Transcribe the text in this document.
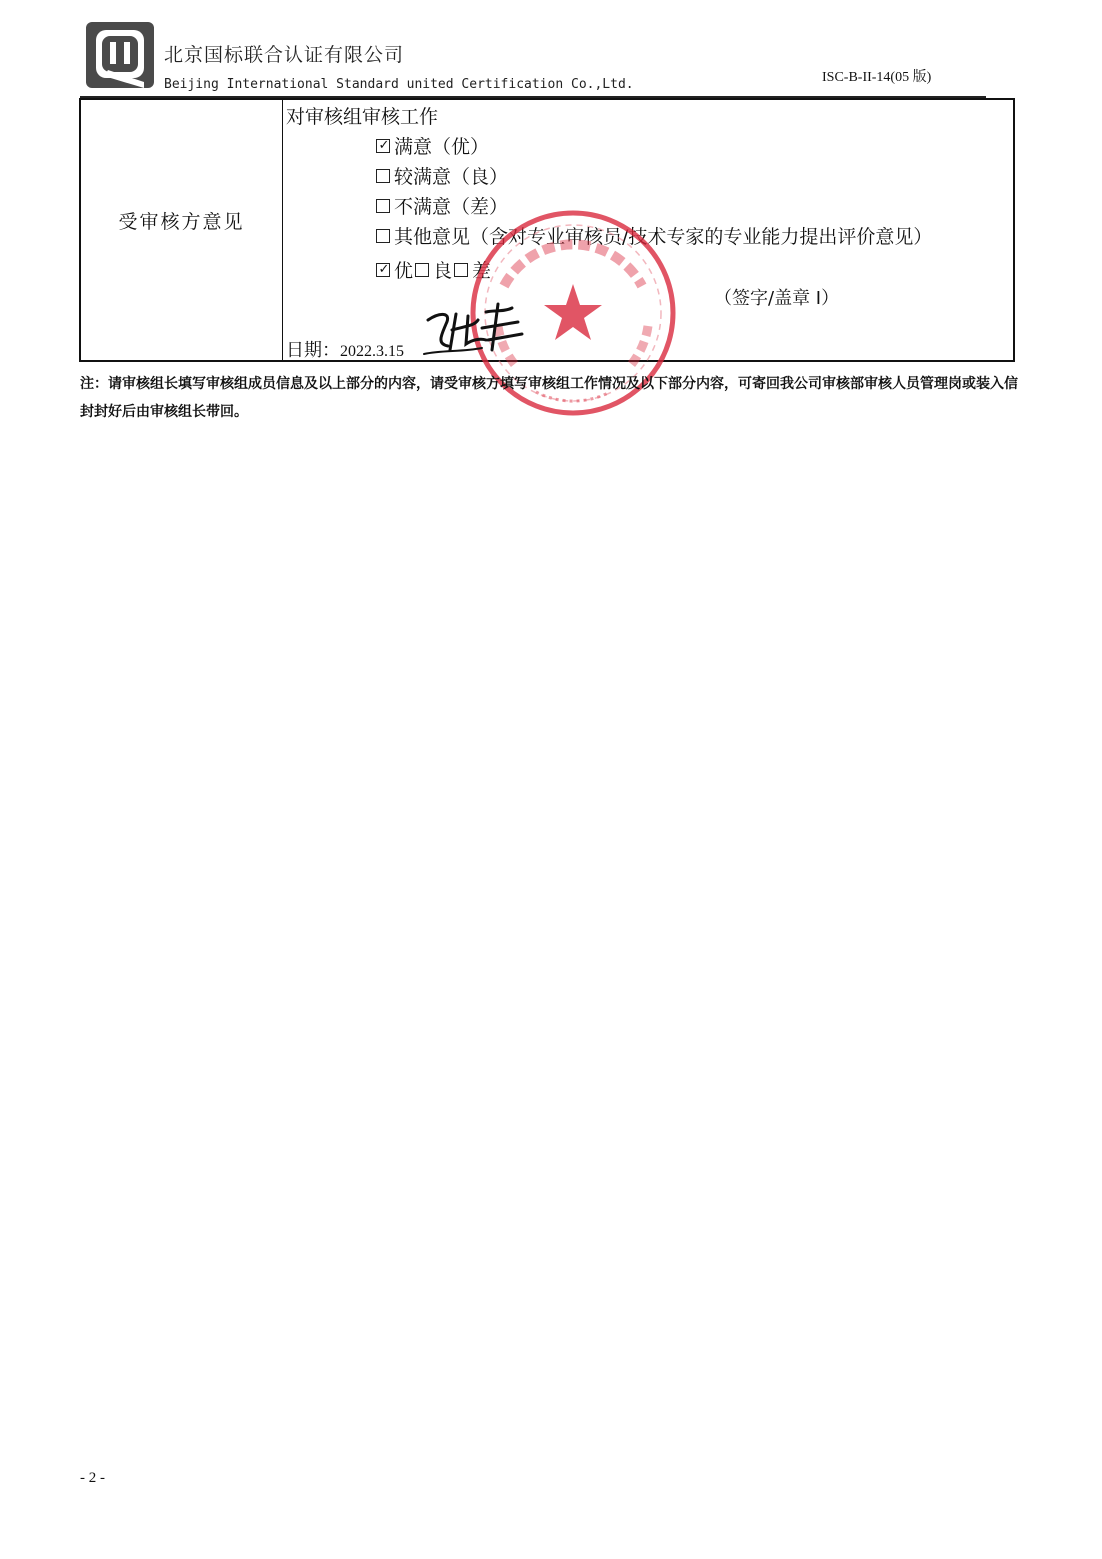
北京国标联合认证有限公司
Beijing International Standard united Certification Co.,Ltd.	ISC-B-II-14(05 版)
受审核方意见
对审核组审核工作
✓
满意（优）
较满意（良）
不满意（差）
其他意见（含对专业审核员/技术专家的专业能力提出评价意见）
✓
优 良 差
（签字/盖章 I）
日期：2022.3.15
注：请审核组长填写审核组成员信息及以上部分的内容，请受审核方填写审核组工作情况及以下部分内容，可寄回我公司审核部审核人员管理岗或装入信封封好后由审核组长带回。
- 2 -
